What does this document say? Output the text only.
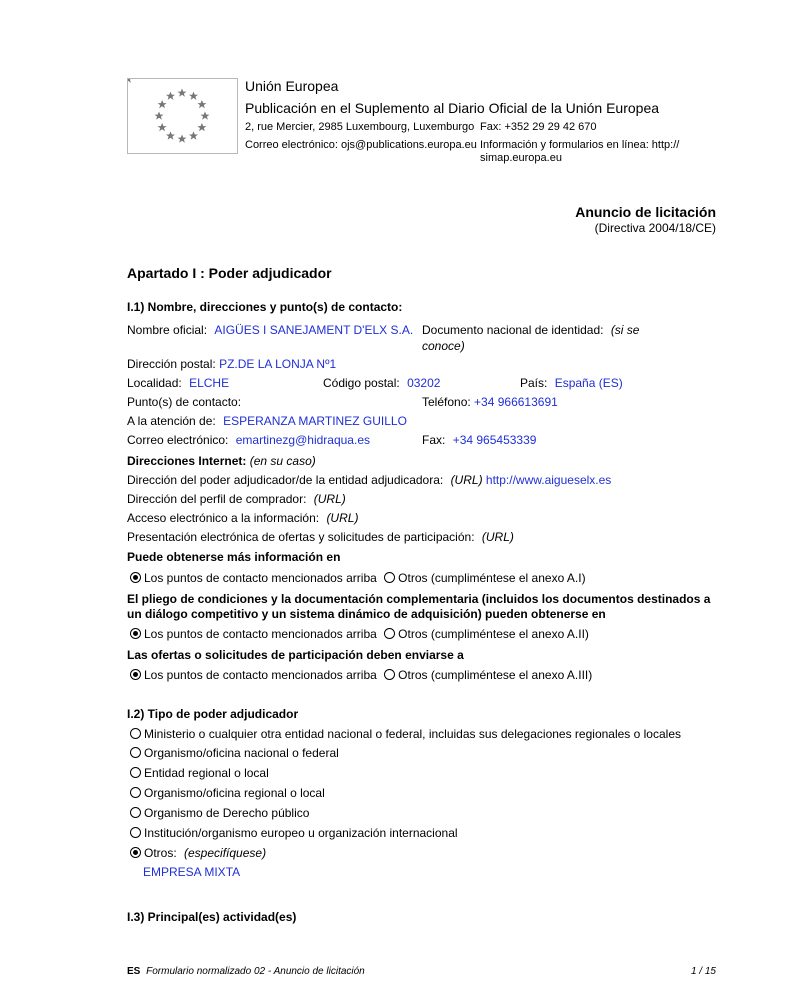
Unión Europea
Publicación en el Suplemento al Diario Oficial de la Unión Europea
2, rue Mercier, 2985 Luxembourg, Luxemburgo Fax: +352 29 29 42 670
Correo electrónico: ojs@publications.europa.eu Información y formularios en línea: http://
simap.europa.eu
Anuncio de licitación
(Directiva 2004/18/CE)
Apartado I : Poder adjudicador
I.1) Nombre, direcciones y punto(s) de contacto:
Nombre oficial: AIGÜES I SANEJAMENT D'ELX S.A. Documento nacional de identidad: (si se
conoce)
Dirección postal: PZ.DE LA LONJA Nº1
Localidad: ELCHE	Código postal: 03202	País: España (ES)
Punto(s) de contacto:	Teléfono: +34 966613691
A la atención de: ESPERANZA MARTINEZ GUILLO
Correo electrónico: emartinezg@hidraqua.es	Fax: +34 965453339
Direcciones Internet: (en su caso)
Dirección del poder adjudicador/de la entidad adjudicadora: (URL) http://www.aigueselx.es
Dirección del perfil de comprador: (URL)
Acceso electrónico a la información: (URL)
Presentación electrónica de ofertas y solicitudes de participación: (URL)
Puede obtenerse más información en
Los puntos de contacto mencionados arriba Otros (cumpliméntese el anexo A.I)
El pliego de condiciones y la documentación complementaria (incluidos los documentos destinados a
un diálogo competitivo y un sistema dinámico de adquisición) pueden obtenerse en
Los puntos de contacto mencionados arriba Otros (cumpliméntese el anexo A.II)
Las ofertas o solicitudes de participación deben enviarse a
Los puntos de contacto mencionados arriba Otros (cumpliméntese el anexo A.III)
I.2) Tipo de poder adjudicador
Ministerio o cualquier otra entidad nacional o federal, incluidas sus delegaciones regionales o locales
Organismo/oficina nacional o federal
Entidad regional o local
Organismo/oficina regional o local
Organismo de Derecho público
Institución/organismo europeo u organización internacional
Otros: (especifíquese)
EMPRESA MIXTA
I.3) Principal(es) actividad(es)
ES Formulario normalizado 02 - Anuncio de licitación	1 / 15
